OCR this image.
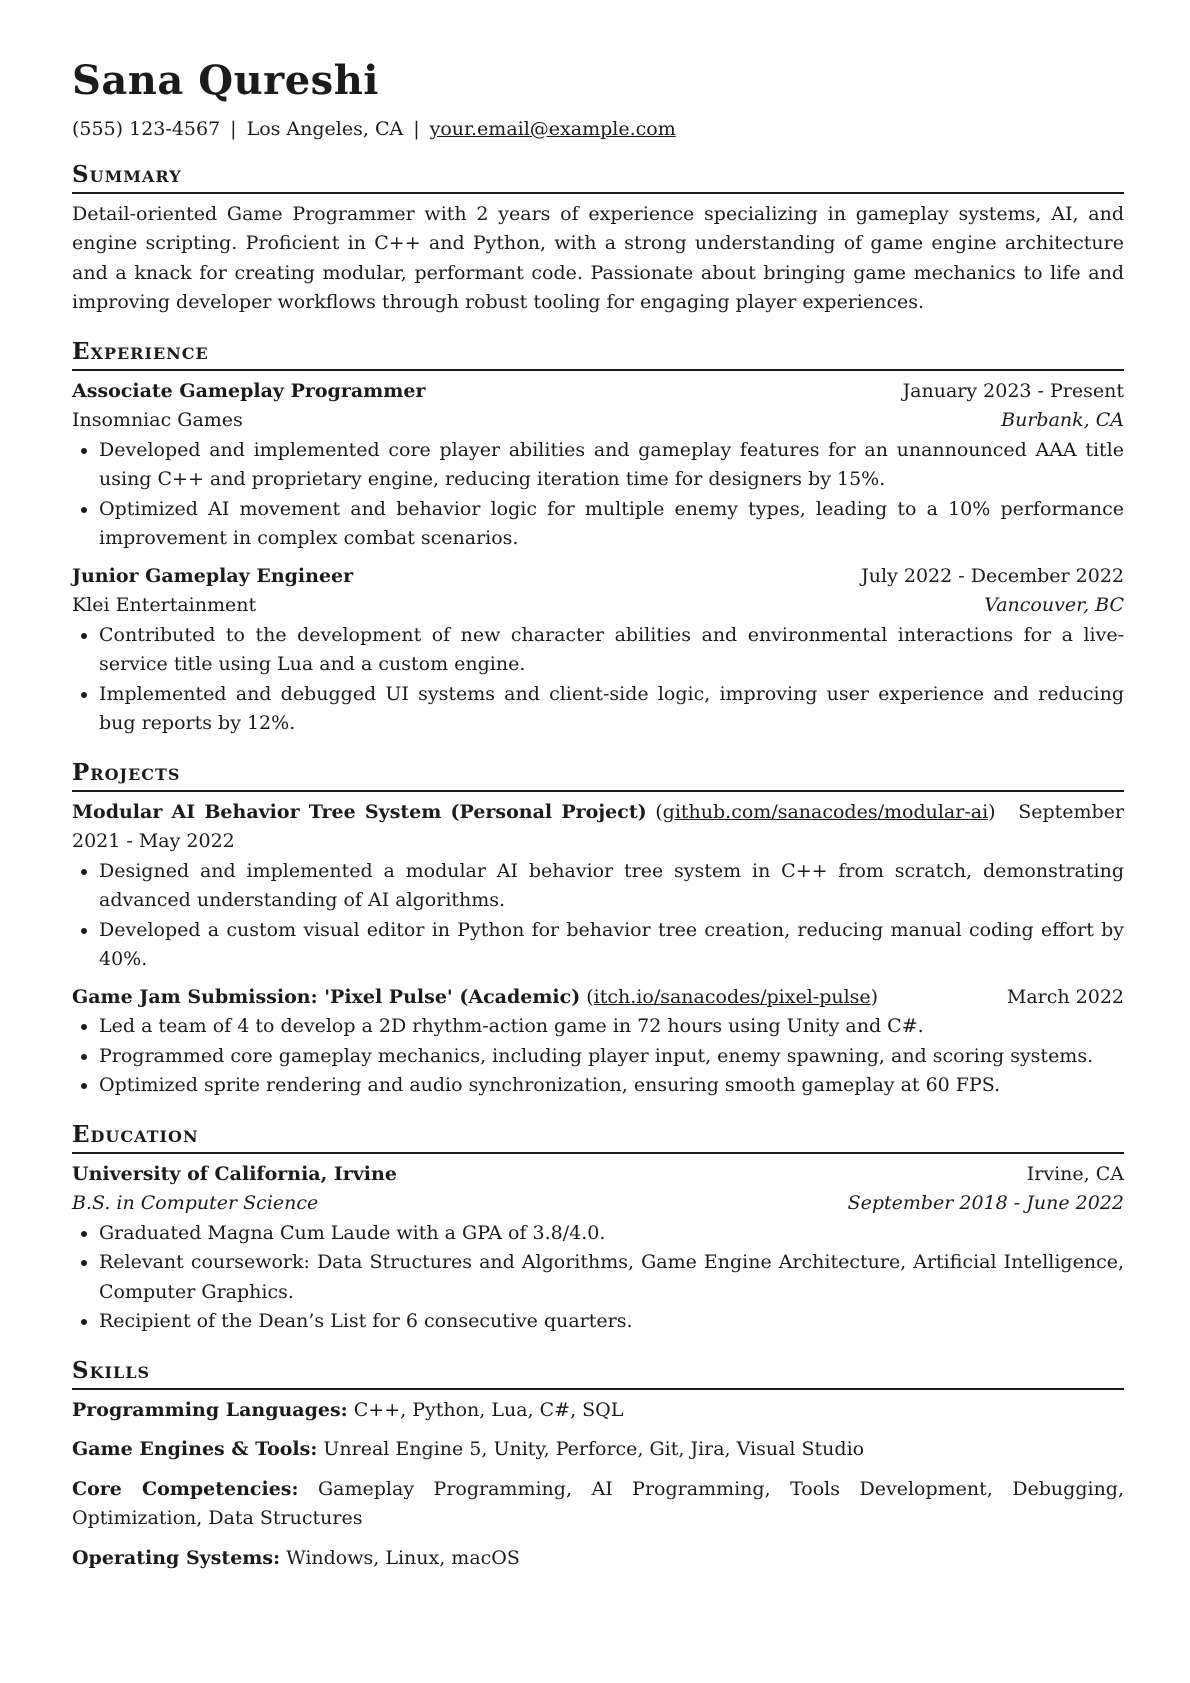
Sana Qureshi
(555) 123-4567 | Los Angeles, CA | your.email@example.com
Summary

Detail-oriented Game Programmer with 2 years of experience specializing in gameplay systems, AI, and engine scripting. Proficient in C++ and Python, with a strong understanding of game engine architecture and a knack for creating modular, performant code. Passionate about bringing game mechanics to life and improving developer workflows through robust tooling for engaging player experiences.

Experience
Associate Gameplay Programmer	January 2023 - Present
Insomniac Games	Burbank, CA
• Developed and implemented core player abilities and gameplay features for an unannounced AAA title using C++ and proprietary engine, reducing iteration time for designers by 15%.
• Optimized AI movement and behavior logic for multiple enemy types, leading to a 10% performance improvement in complex combat scenarios.
Junior Gameplay Engineer	July 2022 - December 2022
Klei Entertainment	Vancouver, BC
• Contributed to the development of new character abilities and environmental interactions for a live-service title using Lua and a custom engine.
• Implemented and debugged UI systems and client-side logic, improving user experience and reducing bug reports by 12%.
Projects
Modular AI Behavior Tree System (Personal Project) (github.com/sanacodes/modular-ai) September 2021 - May 2022
• Designed and implemented a modular AI behavior tree system in C++ from scratch, demonstrating advanced understanding of AI algorithms.
• Developed a custom visual editor in Python for behavior tree creation, reducing manual coding effort by 40%.
Game Jam Submission: 'Pixel Pulse' (Academic) (itch.io/sanacodes/pixel-pulse)	March 2022
• Led a team of 4 to develop a 2D rhythm-action game in 72 hours using Unity and C#.
• Programmed core gameplay mechanics, including player input, enemy spawning, and scoring systems.
• Optimized sprite rendering and audio synchronization, ensuring smooth gameplay at 60 FPS.
Education
University of California, Irvine	Irvine, CA
B.S. in Computer Science	September 2018 - June 2022
• Graduated Magna Cum Laude with a GPA of 3.8/4.0.
• Relevant coursework: Data Structures and Algorithms, Game Engine Architecture, Artificial Intelligence, Computer Graphics.
• Recipient of the Dean’s List for 6 consecutive quarters.
Skills

Programming Languages: C++, Python, Lua, C#, SQL

Game Engines & Tools: Unreal Engine 5, Unity, Perforce, Git, Jira, Visual Studio

Core Competencies: Gameplay Programming, AI Programming, Tools Development, Debugging, Optimization, Data Structures

Operating Systems: Windows, Linux, macOS
